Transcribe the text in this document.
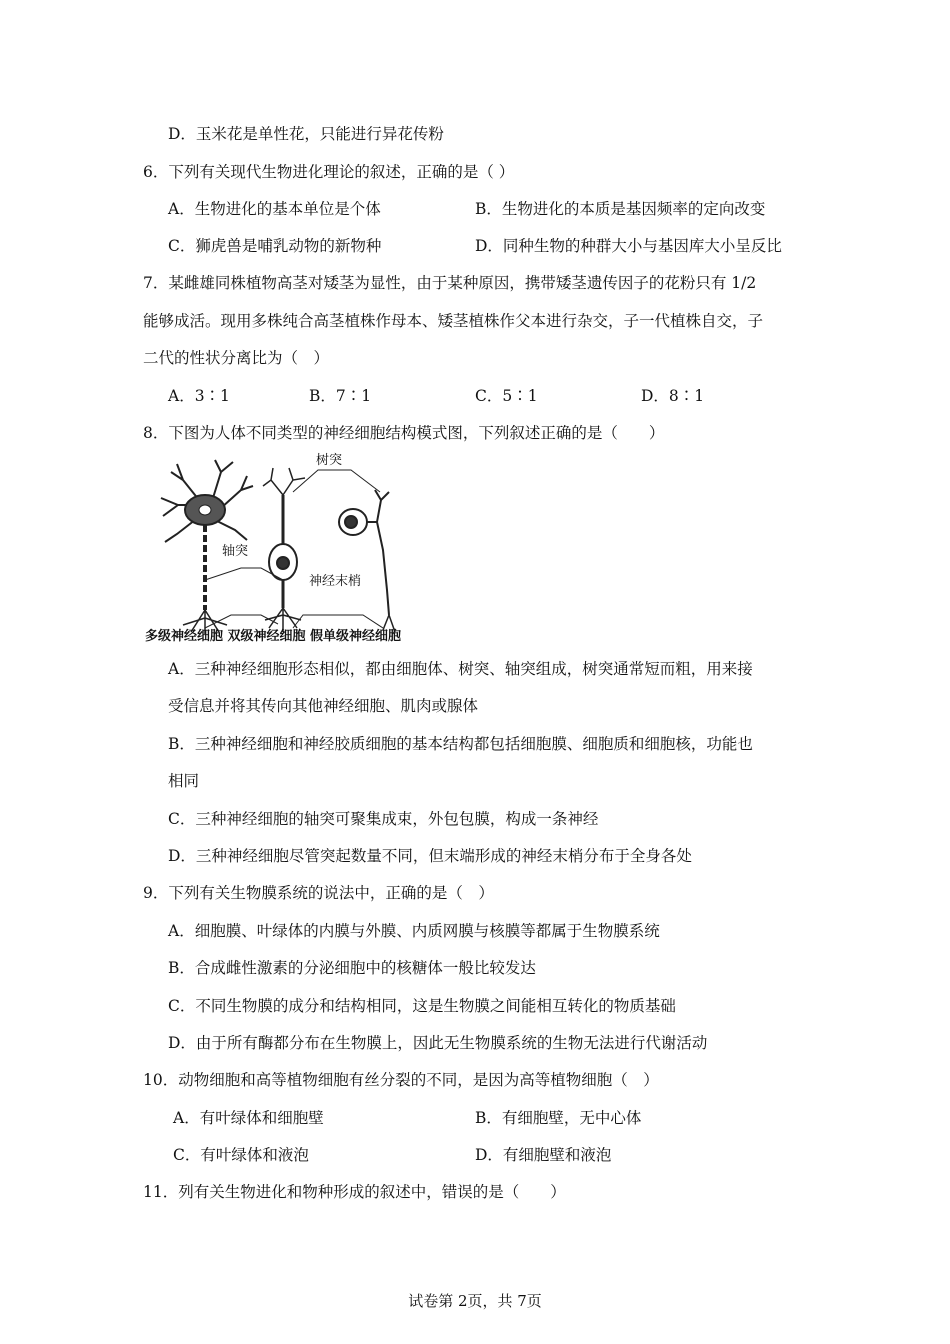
D．玉米花是单性花，只能进行异花传粉
6．下列有关现代生物进化理论的叙述，正确的是（ ）
A．生物进化的基本单位是个体	B．生物进化的本质是基因频率的定向改变
C．狮虎兽是哺乳动物的新物种	D．同种生物的种群大小与基因库大小呈反比
7．某雌雄同株植物高茎对矮茎为显性，由于某种原因，携带矮茎遗传因子的花粉只有 1/2
能够成活。现用多株纯合高茎植株作母本、矮茎植株作父本进行杂交，子一代植株自交，子
二代的性状分离比为（　）
A．3∶1	B．7∶1	C．5∶1	D．8∶1
8．下图为人体不同类型的神经细胞结构模式图，下列叙述正确的是（　　）
树突
轴突
神经末梢
多级神经细胞 双级神经细胞 假单级神经细胞
A．三种神经细胞形态相似，都由细胞体、树突、轴突组成，树突通常短而粗，用来接
受信息并将其传向其他神经细胞、肌肉或腺体
B．三种神经细胞和神经胶质细胞的基本结构都包括细胞膜、细胞质和细胞核，功能也
相同
C．三种神经细胞的轴突可聚集成束，外包包膜，构成一条神经
D．三种神经细胞尽管突起数量不同，但末端形成的神经末梢分布于全身各处
9．下列有关生物膜系统的说法中，正确的是（　）
A．细胞膜、叶绿体的内膜与外膜、内质网膜与核膜等都属于生物膜系统
B．合成雌性激素的分泌细胞中的核糖体一般比较发达
C．不同生物膜的成分和结构相同，这是生物膜之间能相互转化的物质基础
D．由于所有酶都分布在生物膜上，因此无生物膜系统的生物无法进行代谢活动
10．动物细胞和高等植物细胞有丝分裂的不同，是因为高等植物细胞（　）
A．有叶绿体和细胞壁	B．有细胞壁，无中心体
C．有叶绿体和液泡	D．有细胞壁和液泡
11．列有关生物进化和物种形成的叙述中，错误的是（　　）
试卷第 2页，共 7页
